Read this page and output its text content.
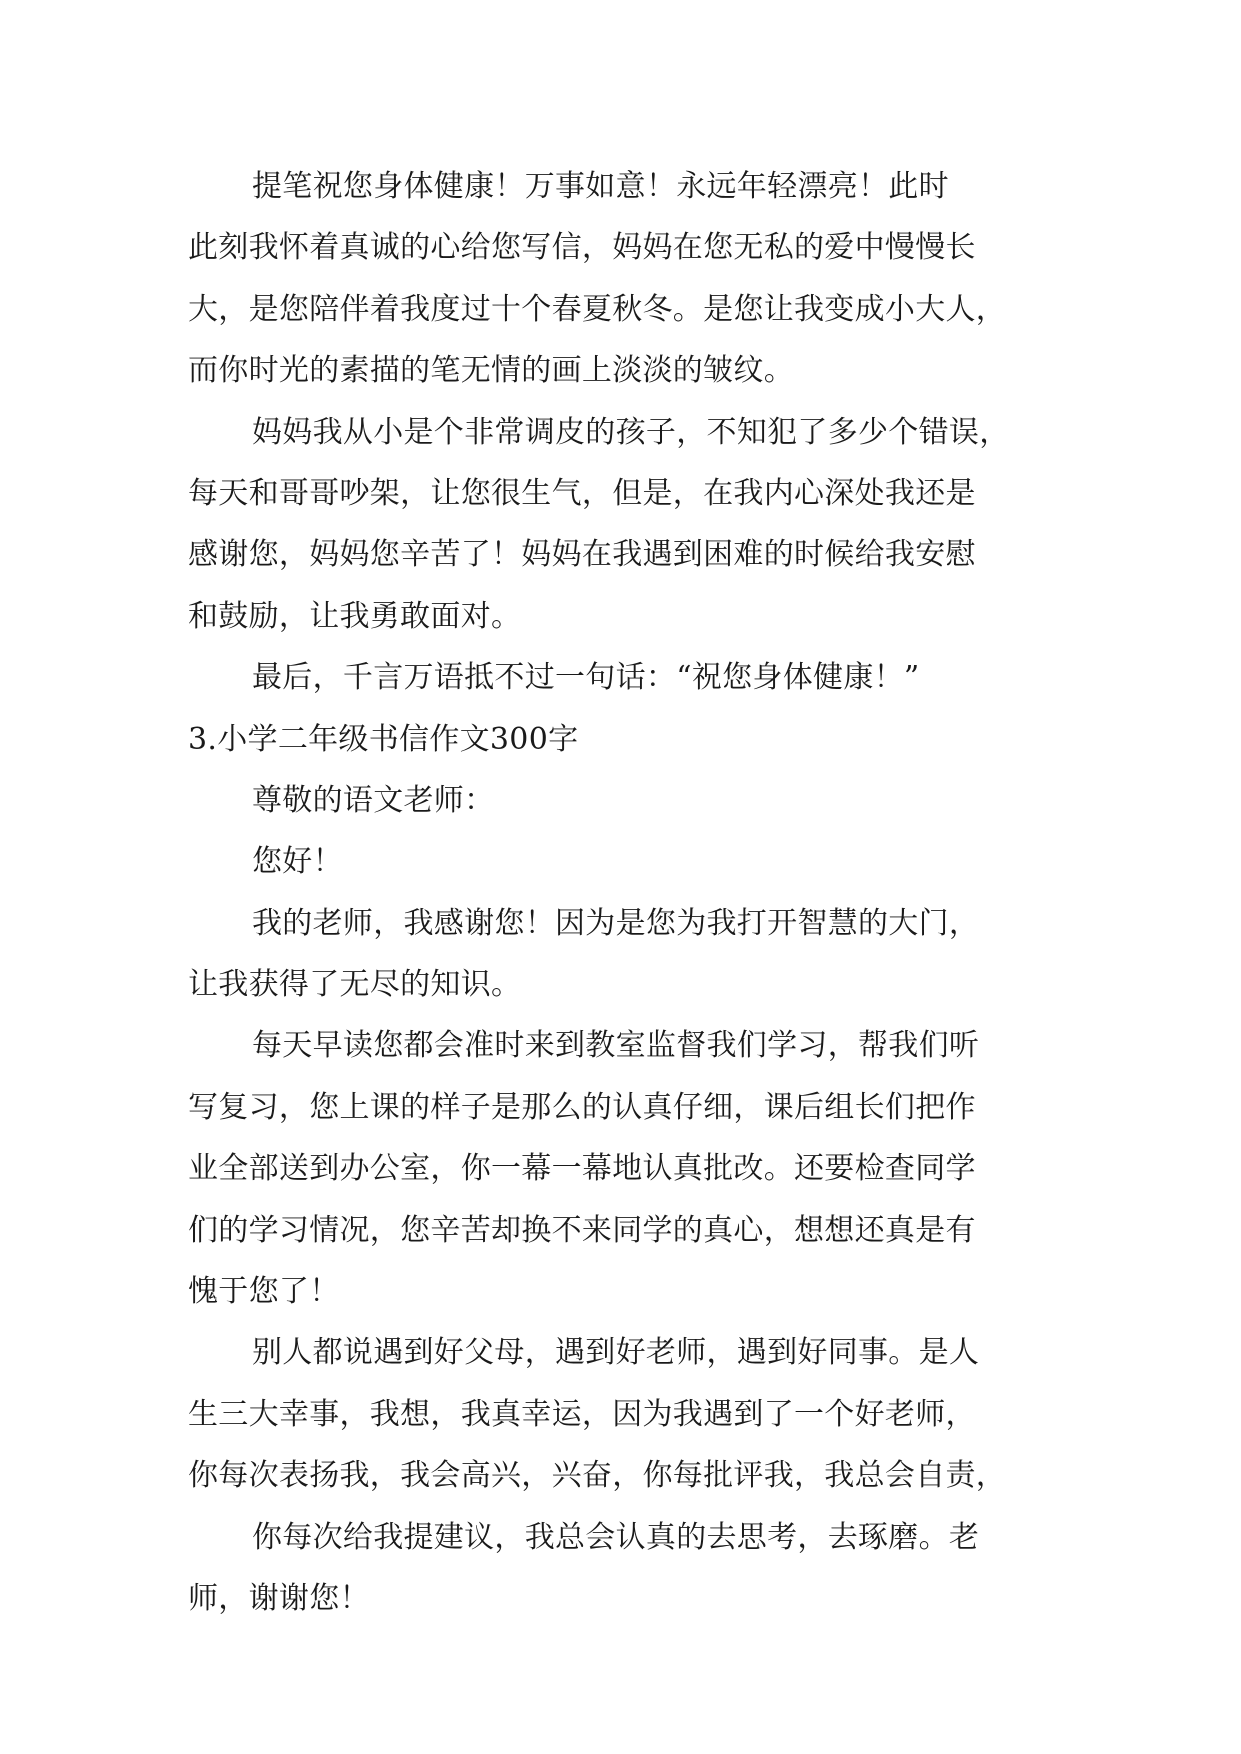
提笔祝您身体健康！万事如意！永远年轻漂亮！此时
此刻我怀着真诚的心给您写信，妈妈在您无私的爱中慢慢长
大，是您陪伴着我度过十个春夏秋冬。是您让我变成小大人，
而你时光的素描的笔无情的画上淡淡的皱纹。
妈妈我从小是个非常调皮的孩子，不知犯了多少个错误，
每天和哥哥吵架，让您很生气，但是，在我内心深处我还是
感谢您，妈妈您辛苦了！妈妈在我遇到困难的时候给我安慰
和鼓励，让我勇敢面对。
最后，千言万语抵不过一句话：“祝您身体健康！”
3.小学二年级书信作文300字
尊敬的语文老师：
您好！
我的老师，我感谢您！因为是您为我打开智慧的大门，
让我获得了无尽的知识。
每天早读您都会准时来到教室监督我们学习，帮我们听
写复习，您上课的样子是那么的认真仔细，课后组长们把作
业全部送到办公室，你一幕一幕地认真批改。还要检查同学
们的学习情况，您辛苦却换不来同学的真心，想想还真是有
愧于您了！
别人都说遇到好父母，遇到好老师，遇到好同事。是人
生三大幸事，我想，我真幸运，因为我遇到了一个好老师，
你每次表扬我，我会高兴，兴奋，你每批评我，我总会自责，
你每次给我提建议，我总会认真的去思考，去琢磨。老
师，谢谢您！
